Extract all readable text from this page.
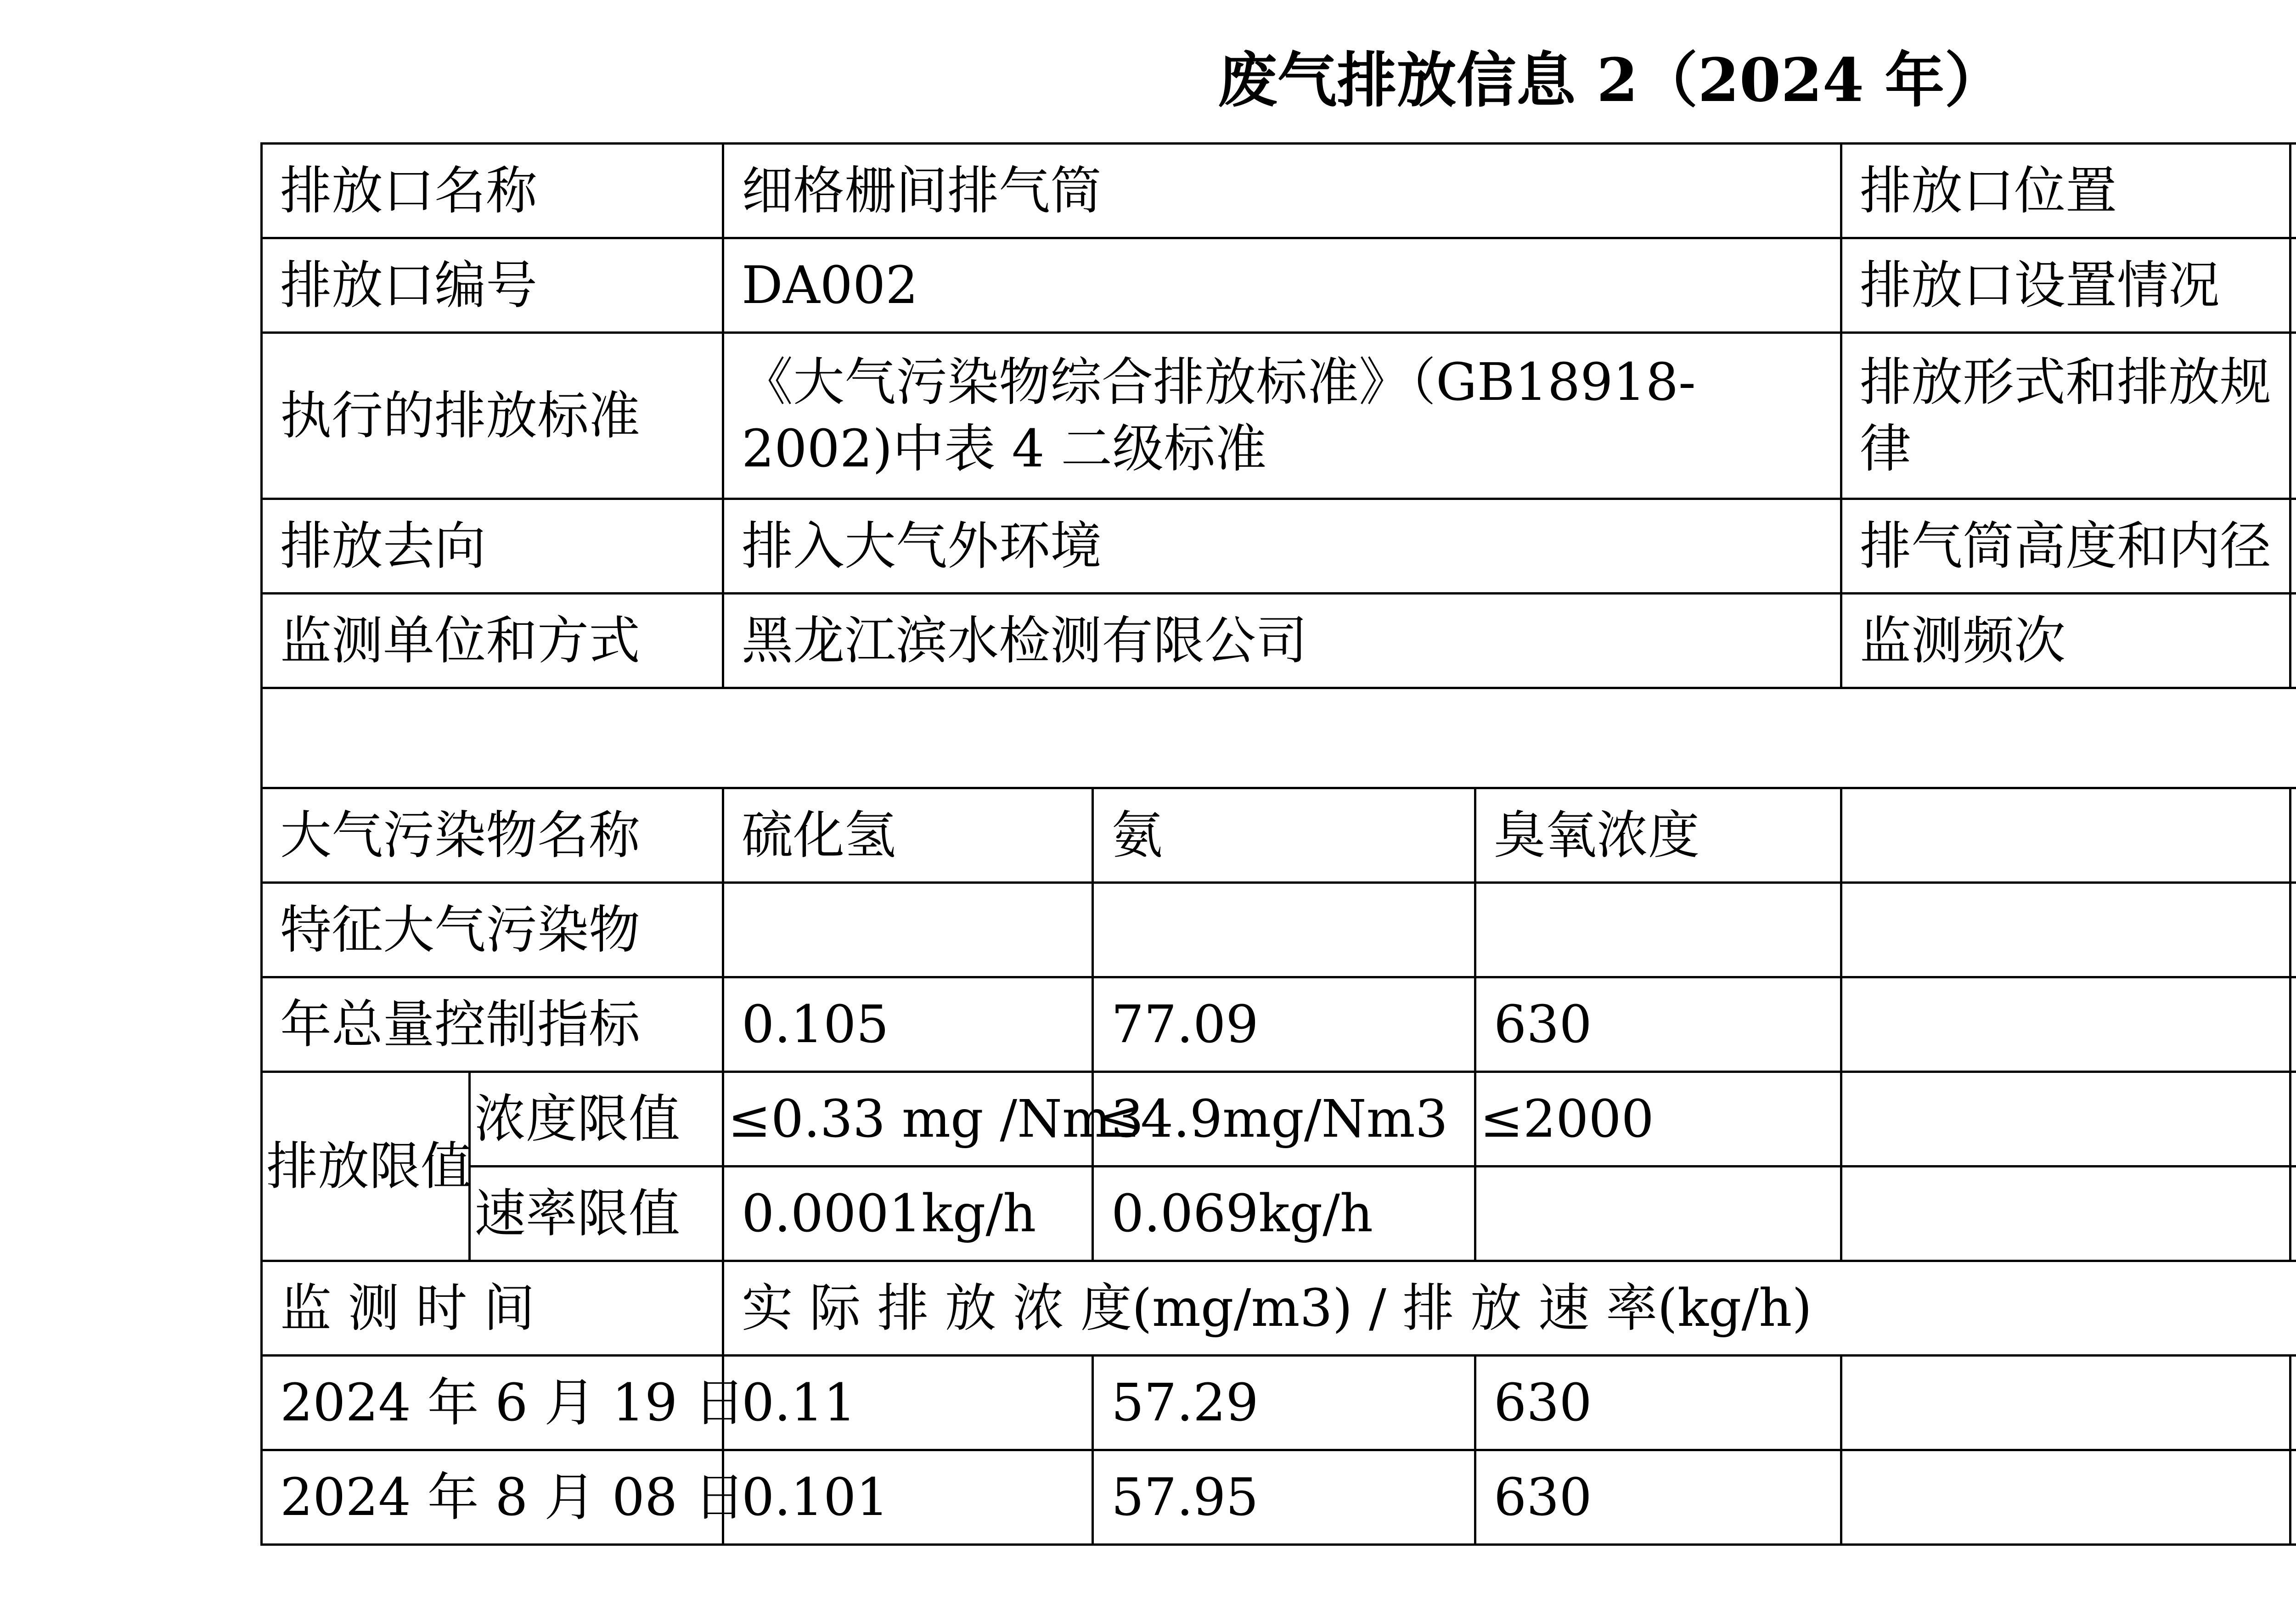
废气排放信息 2（2024 年）
排放口名称		细格栅间排气筒			排放口位置	
排放口编号		DA002			排放口设置情况	
执行的排放标准		《大气污染物综合排放标准》（GB18918-2002)中表 4 二级标准			排放形式和排放规律	
排放去向		排入大气外环境			排气筒高度和内径	
监测单位和方式		黑龙江滨水检测有限公司			监测频次	

大气污染物名称		硫化氢	氨	臭氧浓度			
特征大气污染物							
年总量控制指标		0.105	77.09	630			
排放限值	浓度限值	≤0.33 mg /Nm3	≤4.9mg/Nm3	≤2000			
	速率限值	0.0001kg/h	0.069kg/h				
监 测 时 间		实 际 排 放 浓 度(mg/m3) / 排 放 速 率(kg/h)	
2024 年 6 月 19 日		0.11	57.29	630			
2024 年 8 月 08 日		0.101	57.95	630			
